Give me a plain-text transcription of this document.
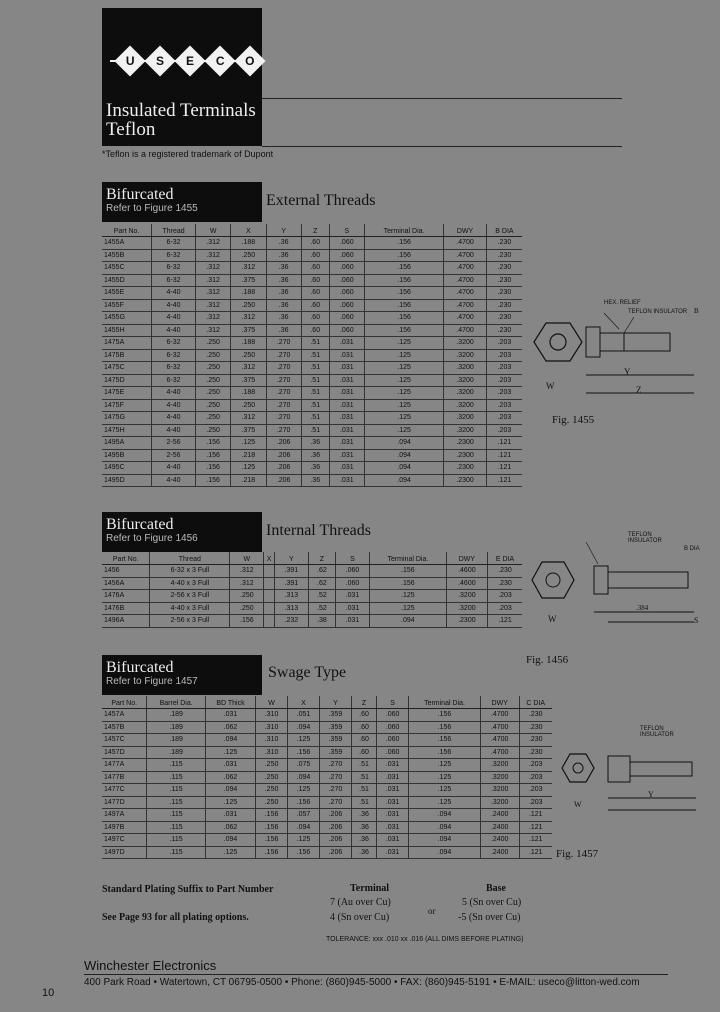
U S E C O
Insulated Terminals
Teflon
*Teflon is a registered trademark of Dupont
Bifurcated
Refer to Figure 1455	External Threads
Part No.	Thread	W	X	Y	Z	S	Terminal Dia.	DWY	B DIA
1455A	6-32	.312	.188	.36	.60	.060	.156	.4700	.230
1455B	6-32	.312	.250	.36	.60	.060	.156	.4700	.230
1455C	6-32	.312	.312	.36	.60	.060	.156	.4700	.230
1455D	6-32	.312	.375	.36	.60	.060	.156	.4700	.230
1455E	4-40	.312	.188	.36	.60	.060	.156	.4700	.230
1455F	4-40	.312	.250	.36	.60	.060	.156	.4700	.230
1455G	4-40	.312	.312	.36	.60	.060	.156	.4700	.230
1455H	4-40	.312	.375	.36	.60	.060	.156	.4700	.230
1475A	6-32	.250	.188	.270	.51	.031	.125	.3200	.203
1475B	6-32	.250	.250	.270	.51	.031	.125	.3200	.203
1475C	6-32	.250	.312	.270	.51	.031	.125	.3200	.203
1475D	6-32	.250	.375	.270	.51	.031	.125	.3200	.203
1475E	4-40	.250	.188	.270	.51	.031	.125	.3200	.203
1475F	4-40	.250	.250	.270	.51	.031	.125	.3200	.203
1475G	4-40	.250	.312	.270	.51	.031	.125	.3200	.203
1475H	4-40	.250	.375	.270	.51	.031	.125	.3200	.203
1495A	2-56	.156	.125	.206	.36	.031	.094	.2300	.121
1495B	2-56	.156	.218	.206	.36	.031	.094	.2300	.121
1495C	4-40	.156	.125	.206	.36	.031	.094	.2300	.121
1495D	4-40	.156	.218	.206	.36	.031	.094	.2300	.121
HEX. RELIEF
TEFLON INSULATOR B
W
Y
Z
Fig. 1455
Bifurcated
Refer to Figure 1456	Internal Threads
Part No.	Thread	W	X	Y	Z	S	Terminal Dia.	DWY	E DIA
1456	6-32 x 3 Full	.312		.391	.62	.060	.156	.4600	.230
1456A	4-40 x 3 Full	.312		.391	.62	.060	.156	.4600	.230
1476A	2-56 x 3 Full	.250		.313	.52	.031	.125	.3200	.203
1476B	4-40 x 3 Full	.250		.313	.52	.031	.125	.3200	.203
1496A	2-56 x 3 Full	.156		.232	.38	.031	.094	.2300	.121
TEFLON INSULATOR
B DIA
W
.384
S
Fig. 1456
Bifurcated
Refer to Figure 1457
Swage Type
Part No.	Barrel Dia.	BD Thick	W	X	Y	Z	S	Terminal Dia.	DWY	C DIA
1457A	.189	.031	.310	.051	.359	.60	.060	.156	.4700	.230
1457B	.189	.062	.310	.094	.359	.60	.060	.156	.4700	.230
1457C	.189	.094	.310	.125	.359	.60	.060	.156	.4700	.230
1457D	.189	.125	.310	.156	.359	.60	.060	.156	.4700	.230
1477A	.115	.031	.250	.075	.270	.51	.031	.125	.3200	.203
1477B	.115	.062	.250	.094	.270	.51	.031	.125	.3200	.203
1477C	.115	.094	.250	.125	.270	.51	.031	.125	.3200	.203
1477D	.115	.125	.250	.156	.270	.51	.031	.125	.3200	.203
1497A	.115	.031	.156	.057	.206	.36	.031	.094	.2400	.121
1497B	.115	.062	.156	.094	.206	.36	.031	.094	.2400	.121
1497C	.115	.094	.156	.125	.206	.36	.031	.094	.2400	.121
1497D	.115	.125	.156	.156	.206	.36	.031	.094	.2400	.121
TEFLON INSULATOR
W
Y
Fig. 1457
Standard Plating Suffix to Part Number
See Page 93 for all plating options.
Terminal	Base
7 (Au over Cu)
4 (Sn over Cu)
or
5 (Sn over Cu)
-5 (Sn over Cu)
TOLERANCE: xxx .010 xx .016 (ALL DIMS BEFORE PLATING)
Winchester Electronics
400 Park Road • Watertown, CT 06795-0500 • Phone: (860)945-5000 • FAX: (860)945-5191 • E-MAIL: useco@litton-wed.com
10
